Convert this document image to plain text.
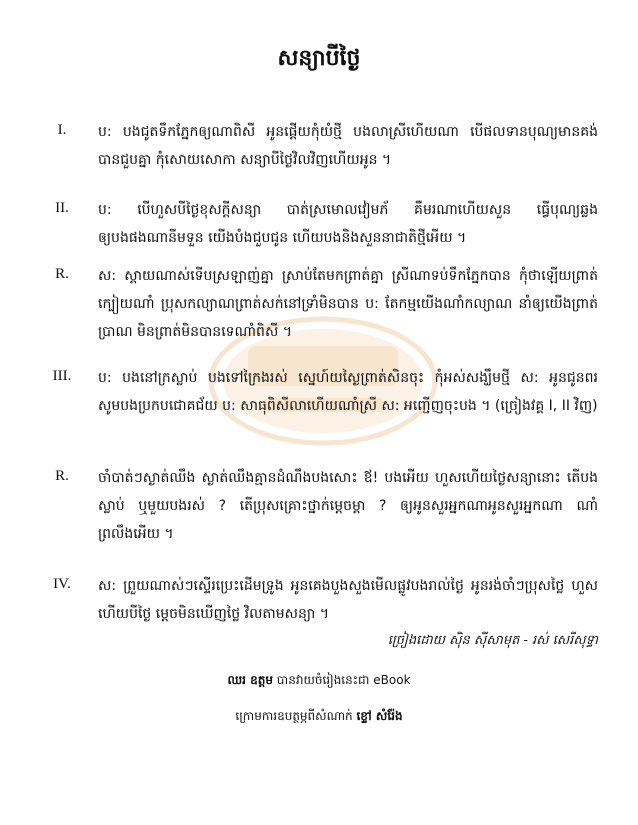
សន្យាបីថ្ងៃ
I.	ប: បងជូតទឹកភ្នែកឲ្យណាពិសី អូនផ្ដើយកុំយំថ្មី បងលាស្រីហើយណា បើផលទានបុណ្យមានគង់បានជួបគ្នា កុំសោយសោកា សន្យាបីថ្ងៃវិលវិញហើយអូន ។
II.	ប: បើហួសបីថ្ងៃខុសក្ដីសន្យា បាត់ស្រមោលវៀមភ័ គឺមរណាហើយសួន ធ្វើបុណ្យឆ្លងឲ្យបងផងណានីមទួន យើងបំងជួបជូន ហើយបងនិងសួននាជាតិថ្មីអើយ ។
R.	ស: ស្ដាយណាស់ទើបស្រឡាញ់គ្នា ស្រាប់តែមកព្រាត់គ្នា ស្រីណាទប់ទឹកភ្នែកបាន កុំថាឡើយព្រាត់ក្បៀយណាំ ប្រុសកល្យាណព្រាត់សក់នៅទ្រាំមិនបាន ប: តែកម្មយើងណាំកល្យាណ នាំឲ្យយើងព្រាត់ប្រាណ មិនព្រាត់មិនបានទេណាំពិសី ។
III.	ប: បងនៅក្រស្លាប់ បងទៅក្រៃងរស់ ស្នេហ៍យស្ងៃព្រាត់សិនចុះ កុំអស់សង្ឃឹមថ្មី ស: អូនជូនពរសូមបងប្រកបជោគជ័យ ប: សាធុពិសីលាហើយណាំស្រី ស: អញ្ជើញចុះបង ។ (ច្រៀងវគ្គ I, II វិញ)
R.	ចាំបាត់ៗស្ងាត់ឈឹង ស្ងាត់ឈឹងគ្មានដំណឹងបងសោះ ឪ! បងអើយ ហួសហើយថ្ងៃសន្យានោះ តើបងស្លាប់ ឬមួយបងរស់ ? តើប្រុសគ្រោះថ្នាក់ម្ដេចម្ដា ? ឲ្យអូនសួរអ្នកណាអូនសួរអ្នកណា ណាំព្រលឹងអើយ ។
IV.	ស: ព្រួយណាស់ៗស្ទើរប្រេះដើមទ្រូង អូនគេងបួងសួងមើលផ្លូវបងរាល់ថ្ងៃ អូនរង់ចាំៗប្រុសថ្លៃ ហួសហើយបីថ្ងៃ ម្ដេចមិនឃើញថ្លៃ វិលតាមសន្យា ។
ច្រៀងដោយ ស៊ិន ស៊ីសាមុត - រស់ សេរីសុទ្ធា
ឈរ ឧត្តម បានវាយចំរៀងនេះជា eBook
ក្រោមការឧបត្ថម្ភពីសំណាក់ ខ្ទៅ សំរ៉ែង
